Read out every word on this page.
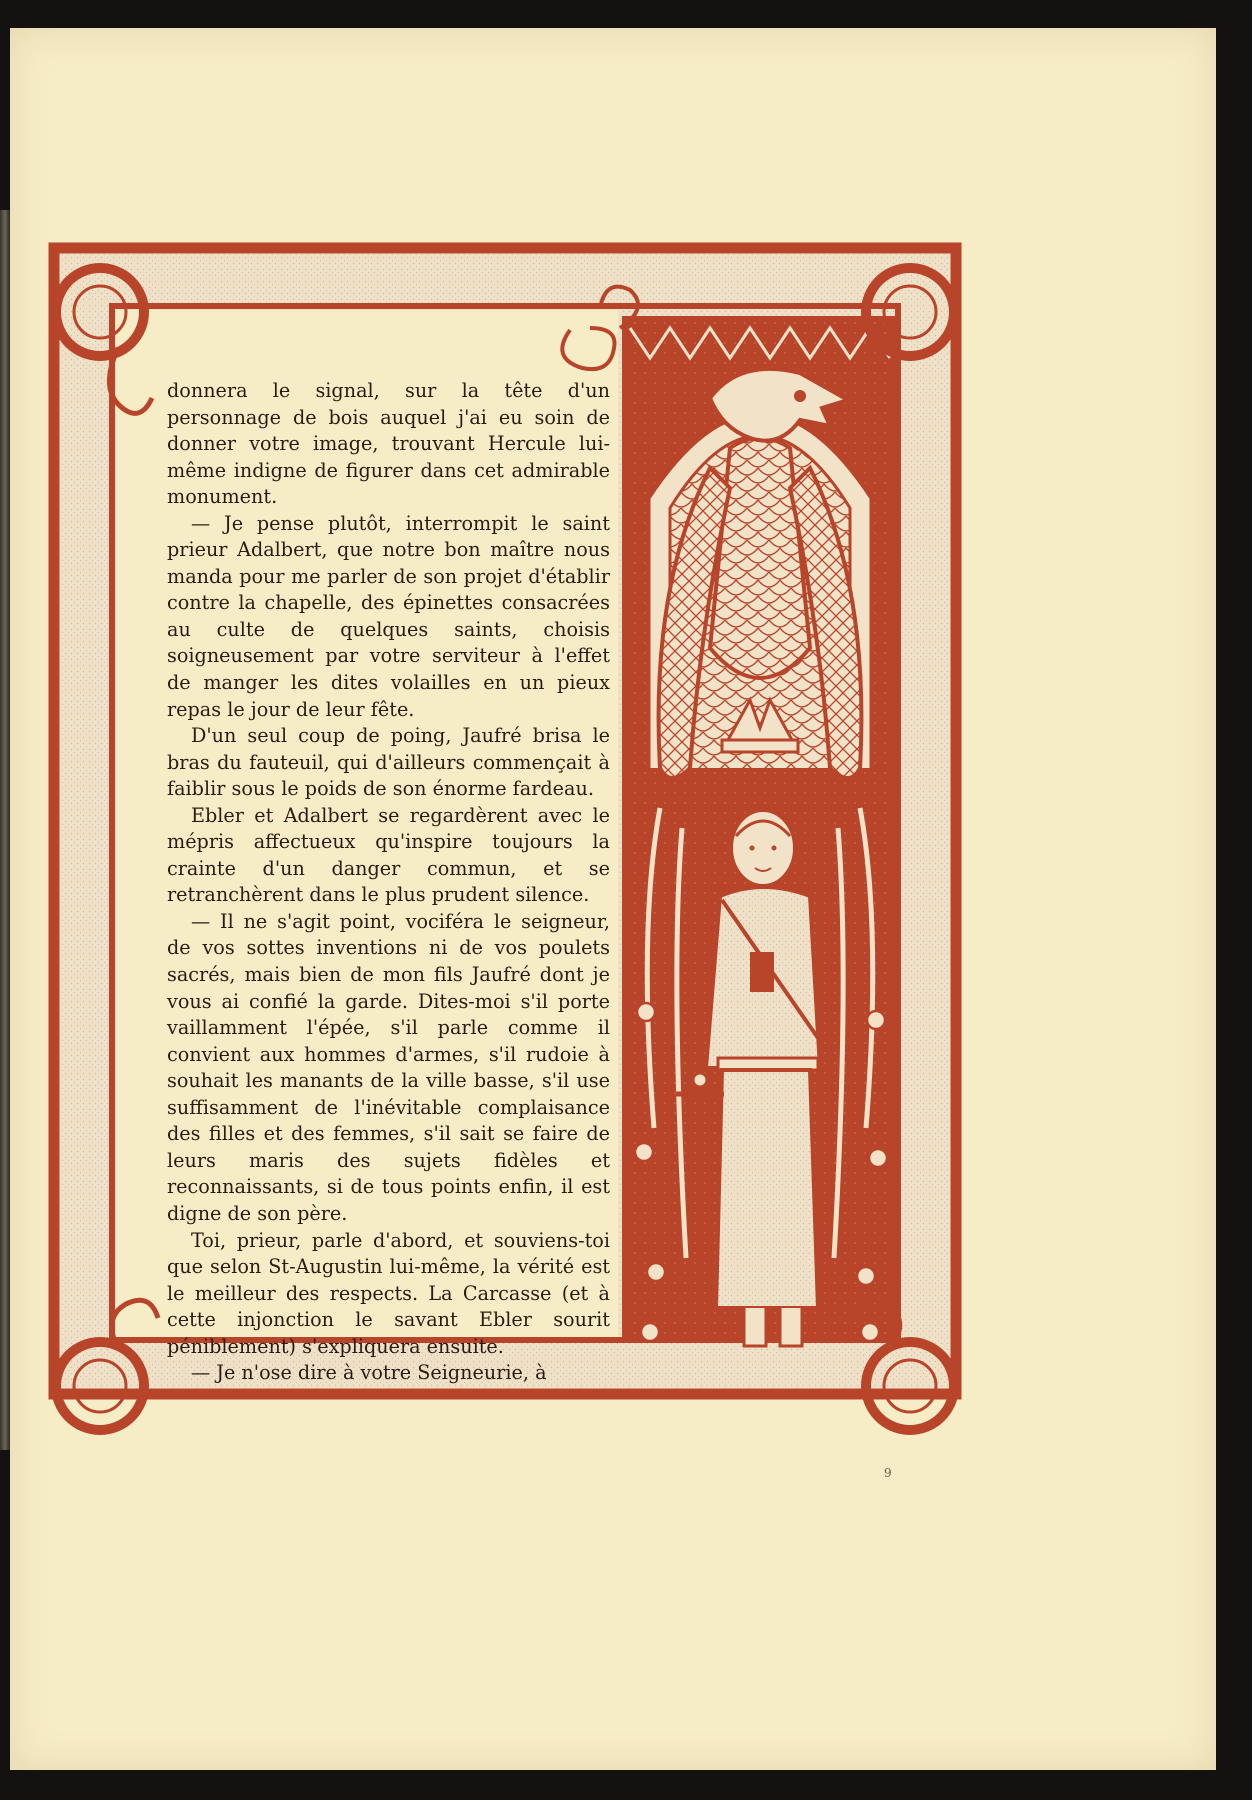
9

donnera le signal, sur la tête d'un personnage de bois auquel j'ai eu soin de donner votre image, trouvant Hercule lui-même indigne de figurer dans cet admirable monument.

— Je pense plutôt, interrompit le saint prieur Adalbert, que notre bon maître nous manda pour me parler de son projet d'établir contre la chapelle, des épinettes consacrées au culte de quelques saints, choisis soigneusement par votre serviteur à l'effet de manger les dites volailles en un pieux repas le jour de leur fête.

D'un seul coup de poing, Jaufré brisa le bras du fauteuil, qui d'ailleurs commençait à faiblir sous le poids de son énorme fardeau.

Ebler et Adalbert se regardèrent avec le mépris affectueux qu'inspire toujours la crainte d'un danger commun, et se retranchèrent dans le plus prudent silence.

— Il ne s'agit point, vociféra le seigneur, de vos sottes inventions ni de vos poulets sacrés, mais bien de mon fils Jaufré dont je vous ai confié la garde. Dites-moi s'il porte vaillamment l'épée, s'il parle comme il convient aux hommes d'armes, s'il rudoie à souhait les manants de la ville basse, s'il use suffisamment de l'inévitable complaisance des filles et des femmes, s'il sait se faire de leurs maris des sujets fidèles et reconnaissants, si de tous points enfin, il est digne de son père.

Toi, prieur, parle d'abord, et souviens-toi que selon St-Augustin lui-même, la vérité est le meilleur des respects. La Carcasse (et à cette injonction le savant Ebler sourit péniblement) s'expliquera ensuite.

— Je n'ose dire à votre Seigneurie, à
